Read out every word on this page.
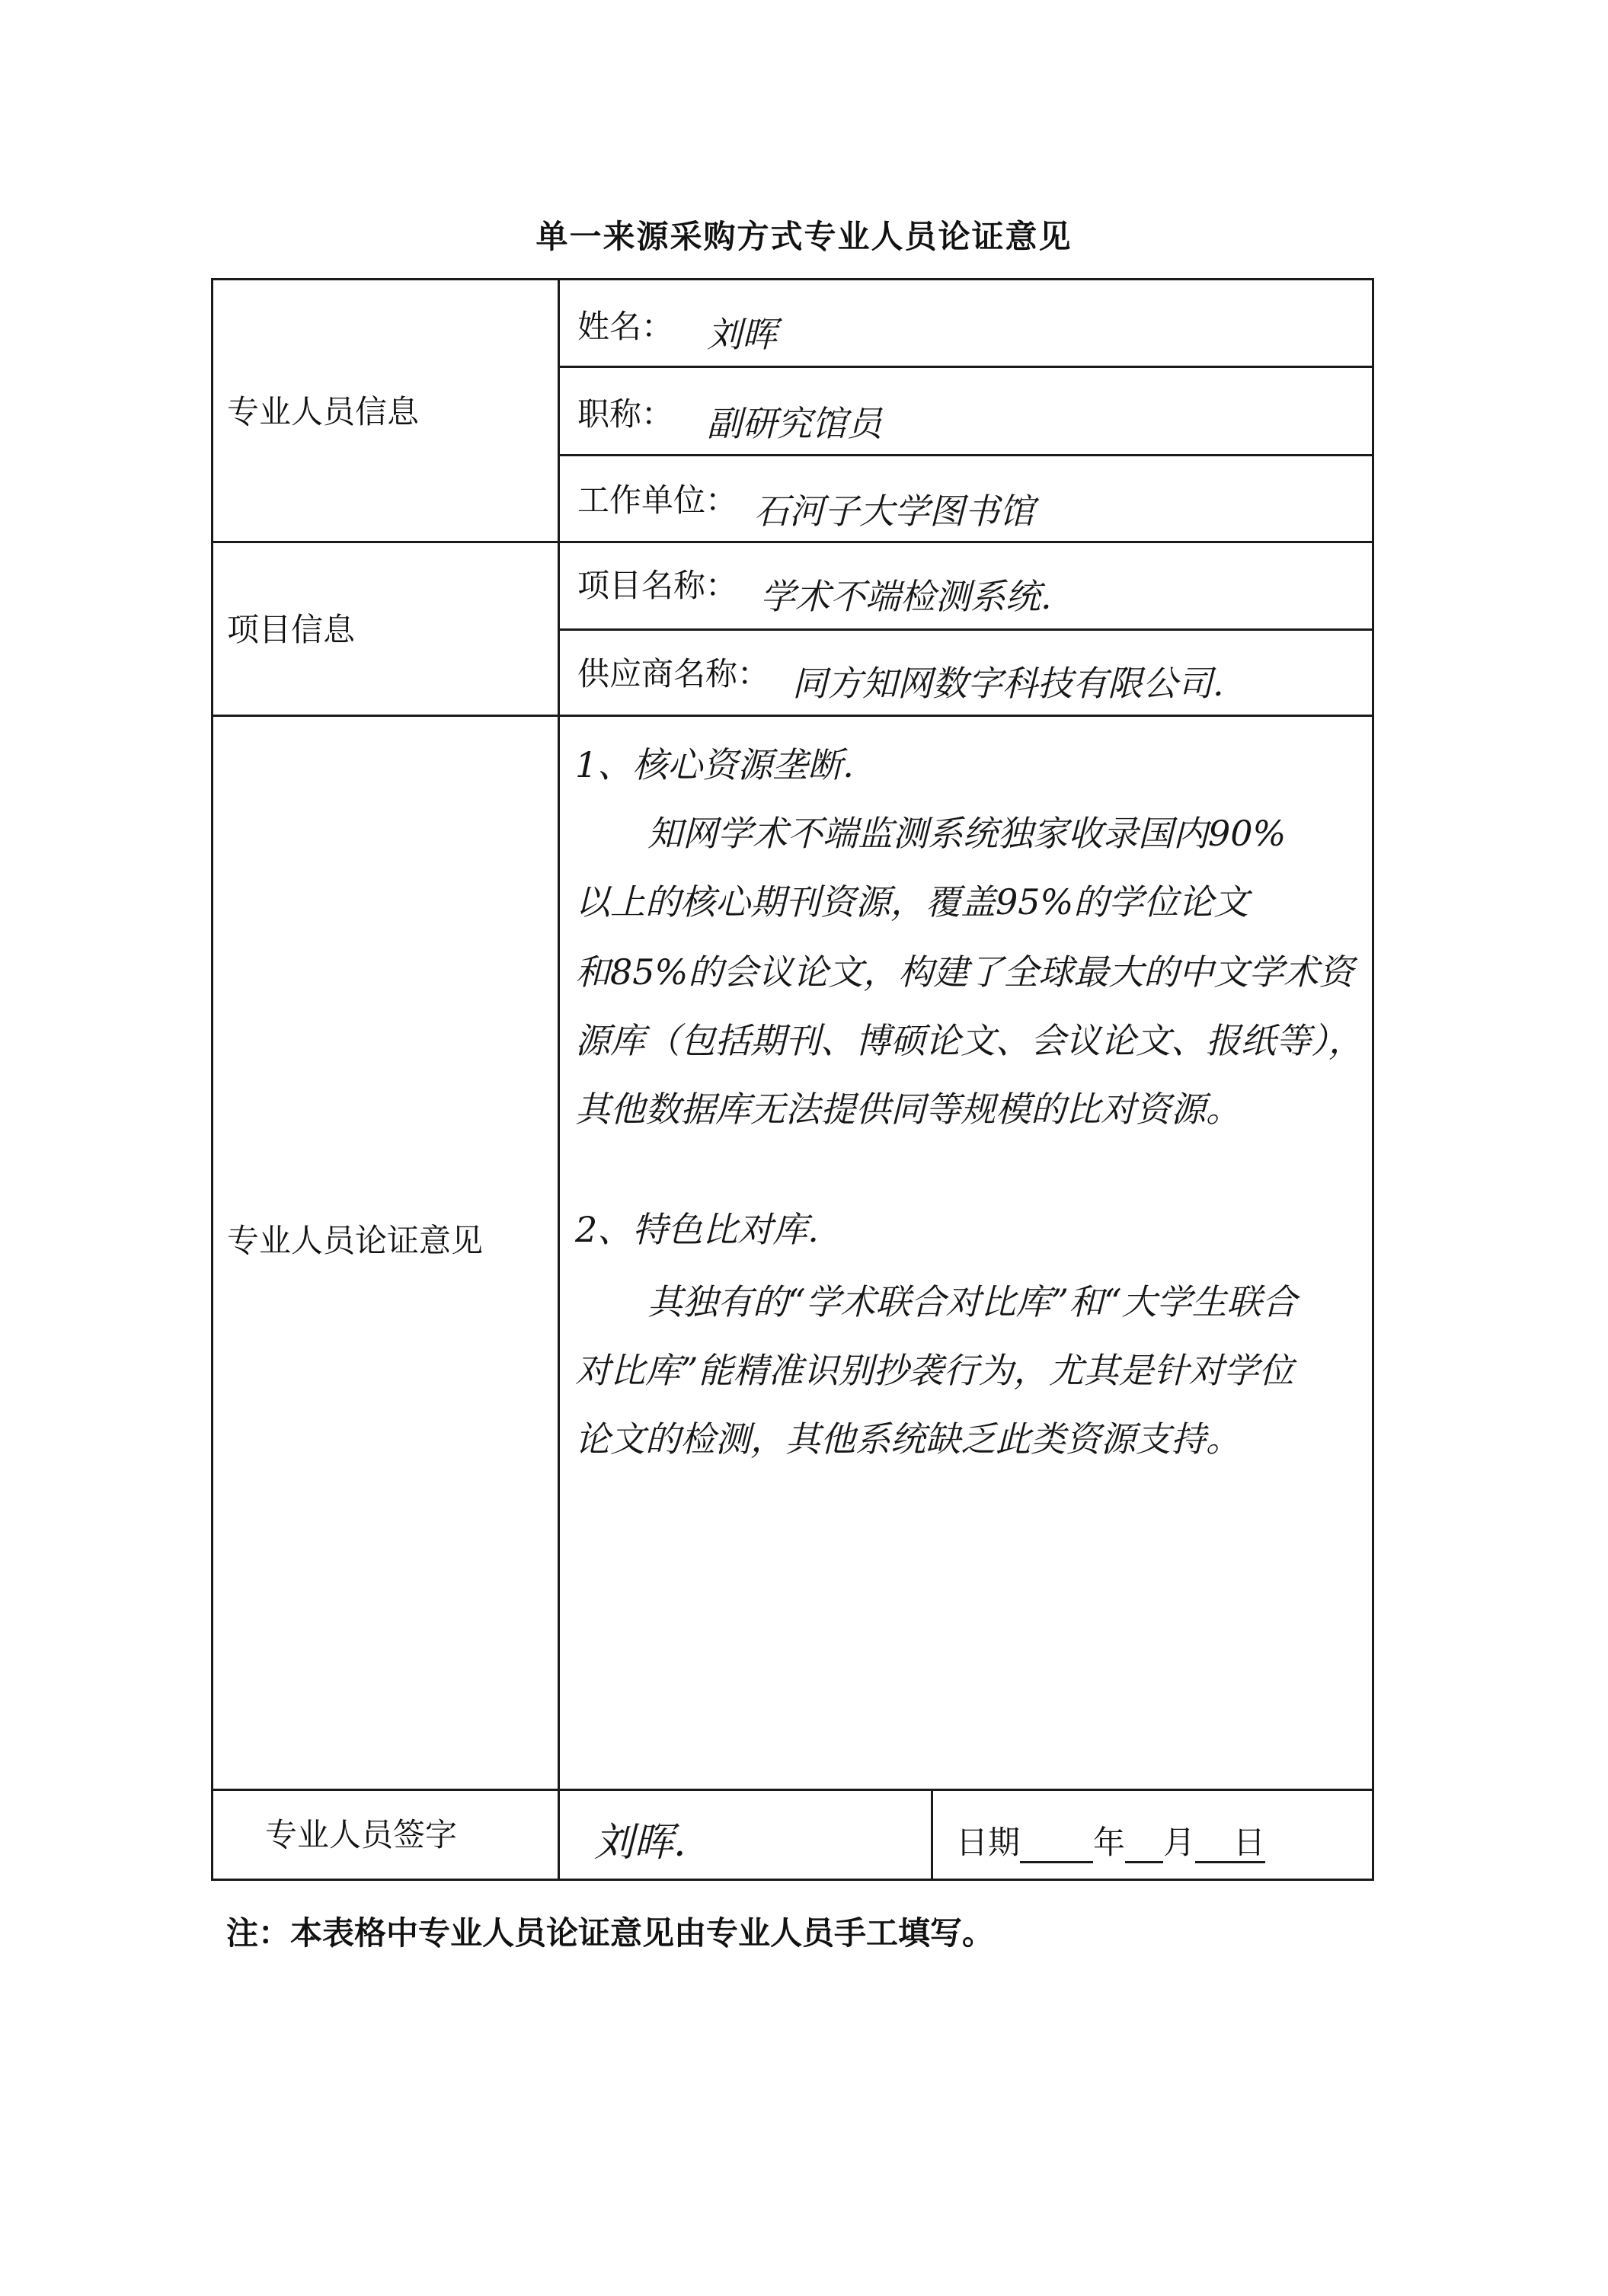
单一来源采购方式专业人员论证意见
专业人员信息
项目信息
专业人员论证意见
专业人员签字
姓名： 刘晖
职称： 副研究馆员
工作单位： 石河子大学图书馆
项目名称： 学术不端检测系统.
供应商名称： 同方知网数字科技有限公司.
1、核心资源垄断.
知网学术不端监测系统独家收录国内90%
以上的核心期刊资源，覆盖95%的学位论文
和85%的会议论文，构建了全球最大的中文学术资
源库（包括期刊、博硕论文、会议论文、报纸等），
其他数据库无法提供同等规模的比对资源。
2、特色比对库.
其独有的“学术联合对比库”和“大学生联合
对比库”能精准识别抄袭行为，尤其是针对学位
论文的检测，其他系统缺乏此类资源支持。
刘晖.	日期 年 月 日
注：本表格中专业人员论证意见由专业人员手工填写。
